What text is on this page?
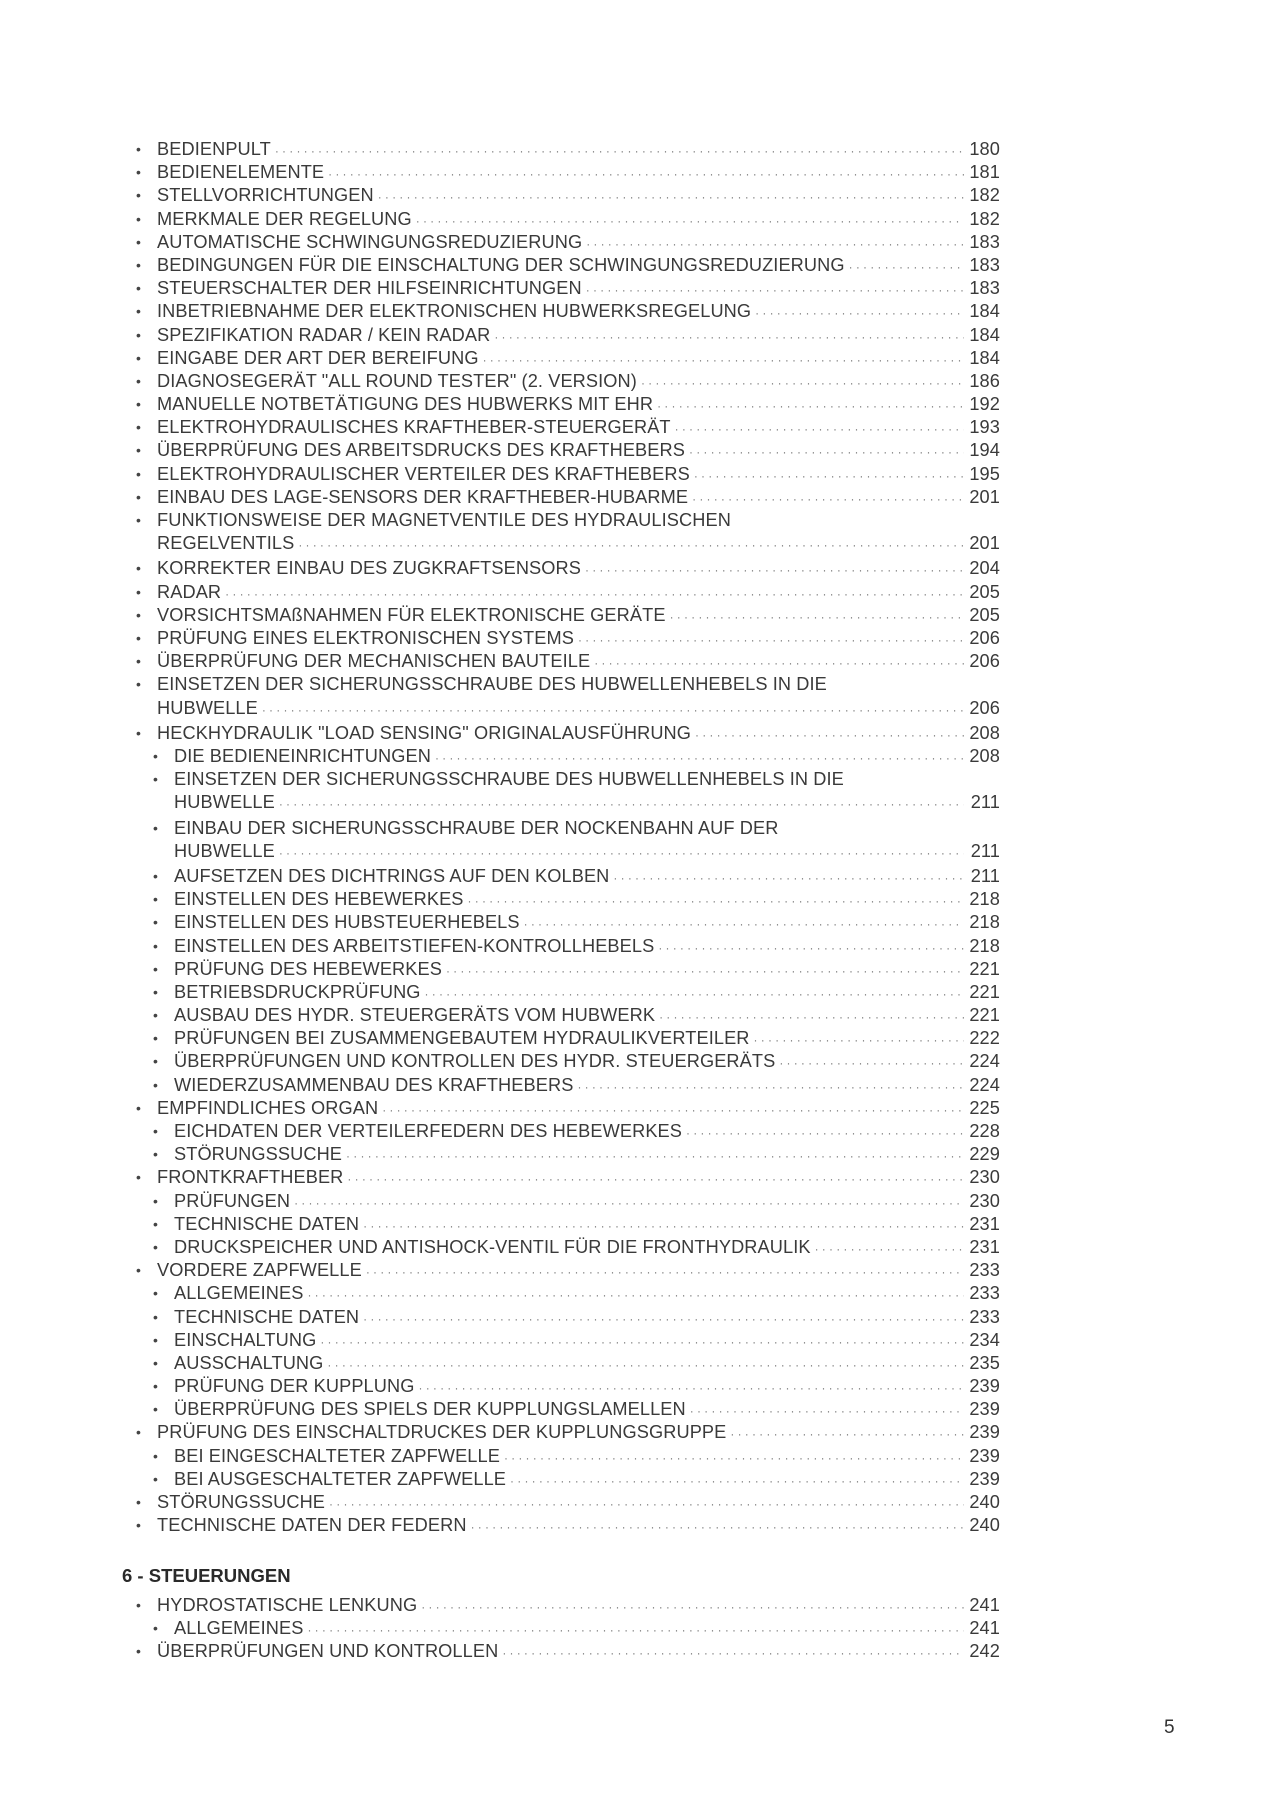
• BEDIENPULT ·····	180
• BEDIENELEMENTE ·····	181
• STELLVORRICHTUNGEN ·····	182
• MERKMALE DER REGELUNG ·····	182
• AUTOMATISCHE SCHWINGUNGSREDUZIERUNG ·····	183
• BEDINGUNGEN FÜR DIE EINSCHALTUNG DER SCHWINGUNGSREDUZIERUNG ·····	183
• STEUERSCHALTER DER HILFSEINRICHTUNGEN ·····	183
• INBETRIEBNAHME DER ELEKTRONISCHEN HUBWERKSREGELUNG ·····	184
• SPEZIFIKATION RADAR / KEIN RADAR ·····	184
• EINGABE DER ART DER BEREIFUNG ·····	184
• DIAGNOSEGERÄT "ALL ROUND TESTER" (2. VERSION) ·····	186
• MANUELLE NOTBETÄTIGUNG DES HUBWERKS MIT EHR ·····	192
• ELEKTROHYDRAULISCHES KRAFTHEBER-STEUERGERÄT ·····	193
• ÜBERPRÜFUNG DES ARBEITSDRUCKS DES KRAFTHEBERS ·····	194
• ELEKTROHYDRAULISCHER VERTEILER DES KRAFTHEBERS ·····	195
• EINBAU DES LAGE-SENSORS DER KRAFTHEBER-HUBARME ·····	201
• FUNKTIONSWEISE DER MAGNETVENTILE DES HYDRAULISCHEN
REGELVENTILS ·····	201
• KORREKTER EINBAU DES ZUGKRAFTSENSORS ·····	204
• RADAR ·····	205
• VORSICHTSMAßNAHMEN FÜR ELEKTRONISCHE GERÄTE ·····	205
• PRÜFUNG EINES ELEKTRONISCHEN SYSTEMS ·····	206
• ÜBERPRÜFUNG DER MECHANISCHEN BAUTEILE ·····	206
• EINSETZEN DER SICHERUNGSSCHRAUBE DES HUBWELLENHEBELS IN DIE
HUBWELLE ·····	206
• HECKHYDRAULIK "LOAD SENSING" ORIGINALAUSFÜHRUNG ·····	208
• DIE BEDIENEINRICHTUNGEN ·····	208
• EINSETZEN DER SICHERUNGSSCHRAUBE DES HUBWELLENHEBELS IN DIE
HUBWELLE ·····	211
• EINBAU DER SICHERUNGSSCHRAUBE DER NOCKENBAHN AUF DER
HUBWELLE ·····	211
• AUFSETZEN DES DICHTRINGS AUF DEN KOLBEN ·····	211
• EINSTELLEN DES HEBEWERKES ·····	218
• EINSTELLEN DES HUBSTEUERHEBELS ·····	218
• EINSTELLEN DES ARBEITSTIEFEN-KONTROLLHEBELS ·····	218
• PRÜFUNG DES HEBEWERKES ·····	221
• BETRIEBSDRUCKPRÜFUNG ·····	221
• AUSBAU DES HYDR. STEUERGERÄTS VOM HUBWERK ·····	221
• PRÜFUNGEN BEI ZUSAMMENGEBAUTEM HYDRAULIKVERTEILER ·····	222
• ÜBERPRÜFUNGEN UND KONTROLLEN DES HYDR. STEUERGERÄTS ·····	224
• WIEDERZUSAMMENBAU DES KRAFTHEBERS ·····	224
• EMPFINDLICHES ORGAN ·····	225
• EICHDATEN DER VERTEILERFEDERN DES HEBEWERKES ·····	228
• STÖRUNGSSUCHE ·····	229
• FRONTKRAFTHEBER ·····	230
• PRÜFUNGEN ·····	230
• TECHNISCHE DATEN ·····	231
• DRUCKSPEICHER UND ANTISHOCK-VENTIL FÜR DIE FRONTHYDRAULIK ·····	231
• VORDERE ZAPFWELLE ·····	233
• ALLGEMEINES ·····	233
• TECHNISCHE DATEN ·····	233
• EINSCHALTUNG ·····	234
• AUSSCHALTUNG ·····	235
• PRÜFUNG DER KUPPLUNG ·····	239
• ÜBERPRÜFUNG DES SPIELS DER KUPPLUNGSLAMELLEN ·····	239
• PRÜFUNG DES EINSCHALTDRUCKES DER KUPPLUNGSGRUPPE ·····	239
• BEI EINGESCHALTETER ZAPFWELLE ·····	239
• BEI AUSGESCHALTETER ZAPFWELLE ·····	239
• STÖRUNGSSUCHE ·····	240
• TECHNISCHE DATEN DER FEDERN ·····	240
6 - STEUERUNGEN
• HYDROSTATISCHE LENKUNG ·····	241
• ALLGEMEINES ·····	241
• ÜBERPRÜFUNGEN UND KONTROLLEN ·····	242
5
